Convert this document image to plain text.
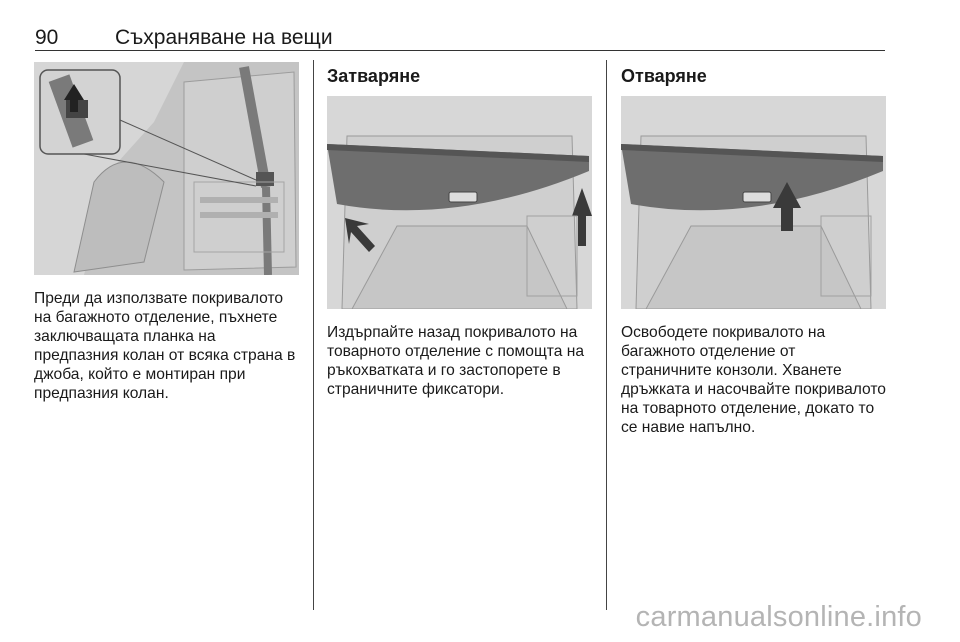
90	Съхраняване на вещи
Преди да използвате покривалото на багажното отделение, пъхнете заключващата планка на предпазния колан от всяка страна в джоба, който е монтиран при предпазния колан.
Затваряне
Издърпайте назад покривалото на товарното отделение с помощта на ръкохватката и го застопорете в страничните фиксатори.
Отваряне
Освободете покривалото на багажното отделение от страничните конзоли. Хванете дръжката и насочвайте покривалото на товарното отделение, докато то се навие напълно.
carmanualsonline.info
